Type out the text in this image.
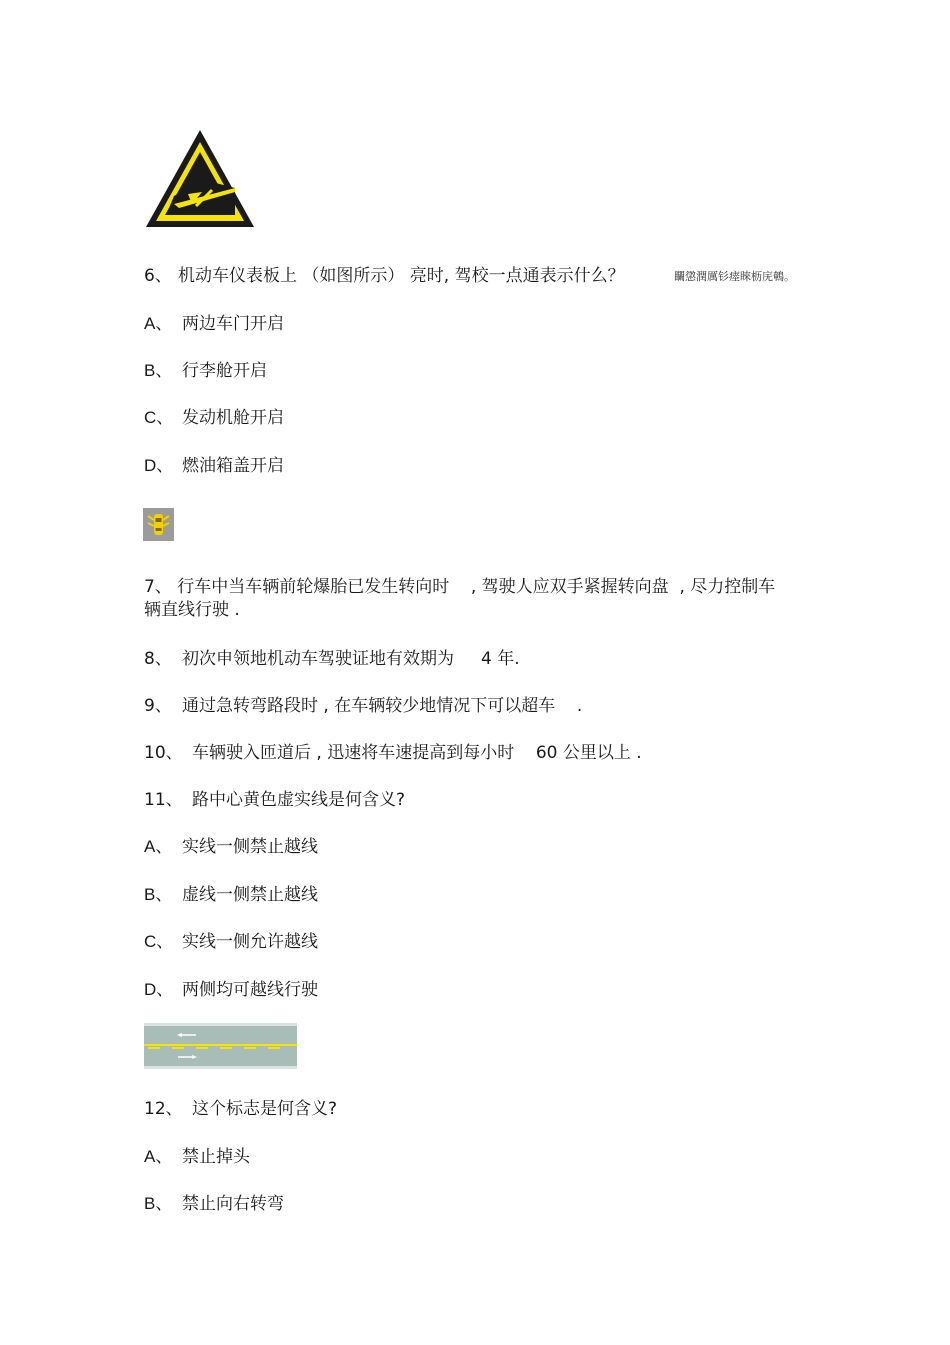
6、 机动车仪表板上 （如图所示） 亮时, 驾校一点通表示什么？	矙懲潤厲钐瘗睞枥庑鵪。
A、 两边车门开启
B、 行李舱开启
C、 发动机舱开启
D、 燃油箱盖开启
7、 行车中当车辆前轮爆胎已发生转向时    , 驾驶人应双手紧握转向盘  , 尽力控制车
辆直线行驶 .
8、 初次申领地机动车驾驶证地有效期为     4 年.
9、 通过急转弯路段时 , 在车辆较少地情况下可以超车    .
10、 车辆驶入匝道后 , 迅速将车速提高到每小时    60 公里以上 .
11、 路中心黄色虚实线是何含义?
A、 实线一侧禁止越线
B、 虚线一侧禁止越线
C、 实线一侧允许越线
D、 两侧均可越线行驶
12、 这个标志是何含义?
A、 禁止掉头
B、 禁止向右转弯
